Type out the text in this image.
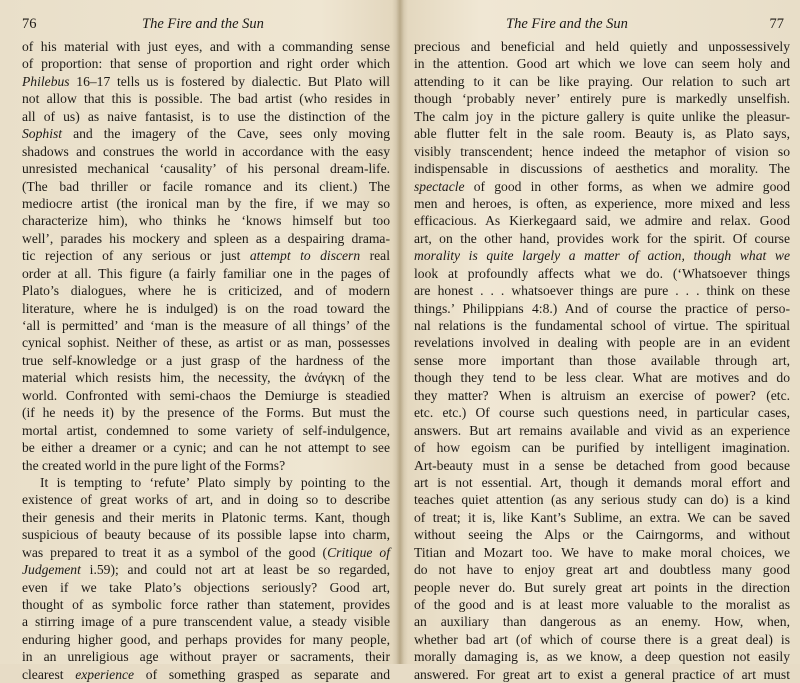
76	The Fire and the Sun
of his material with just eyes, and with a commanding sense
of proportion: that sense of proportion and right order which
Philebus 16–17 tells us is fostered by dialectic. But Plato will
not allow that this is possible. The bad artist (who resides in
all of us) as naive fantasist, is to use the distinction of the
Sophist and the imagery of the Cave, sees only moving
shadows and construes the world in accordance with the easy
unresisted mechanical ‘causality’ of his personal dream-life.
(The bad thriller or facile romance and its client.) The
mediocre artist (the ironical man by the fire, if we may so
characterize him), who thinks he ‘knows himself but too
well’, parades his mockery and spleen as a despairing drama-
tic rejection of any serious or just attempt to discern real
order at all. This figure (a fairly familiar one in the pages of
Plato’s dialogues, where he is criticized, and of modern
literature, where he is indulged) is on the road toward the
‘all is permitted’ and ‘man is the measure of all things’ of the
cynical sophist. Neither of these, as artist or as man, possesses
true self-knowledge or a just grasp of the hardness of the
material which resists him, the necessity, the ἀνάγκη of the
world. Confronted with semi-chaos the Demiurge is steadied
(if he needs it) by the presence of the Forms. But must the
mortal artist, condemned to some variety of self-indulgence,
be either a dreamer or a cynic; and can he not attempt to see
the created world in the pure light of the Forms?
It is tempting to ‘refute’ Plato simply by pointing to the
existence of great works of art, and in doing so to describe
their genesis and their merits in Platonic terms. Kant, though
suspicious of beauty because of its possible lapse into charm,
was prepared to treat it as a symbol of the good (Critique of
Judgement i.59); and could not art at least be so regarded,
even if we take Plato’s objections seriously? Good art,
thought of as symbolic force rather than statement, provides
a stirring image of a pure transcendent value, a steady visible
enduring higher good, and perhaps provides for many people,
in an unreligious age without prayer or sacraments, their
clearest experience of something grasped as separate and
The Fire and the Sun	77
precious and beneficial and held quietly and unpossessively
in the attention. Good art which we love can seem holy and
attending to it can be like praying. Our relation to such art
though ‘probably never’ entirely pure is markedly unselfish.
The calm joy in the picture gallery is quite unlike the pleasur-
able flutter felt in the sale room. Beauty is, as Plato says,
visibly transcendent; hence indeed the metaphor of vision so
indispensable in discussions of aesthetics and morality. The
spectacle of good in other forms, as when we admire good
men and heroes, is often, as experience, more mixed and less
efficacious. As Kierkegaard said, we admire and relax. Good
art, on the other hand, provides work for the spirit. Of course
morality is quite largely a matter of action, though what we
look at profoundly affects what we do. (‘Whatsoever things
are honest . . . whatsoever things are pure . . . think on these
things.’ Philippians 4:8.) And of course the practice of perso-
nal relations is the fundamental school of virtue. The spiritual
revelations involved in dealing with people are in an evident
sense more important than those available through art,
though they tend to be less clear. What are motives and do
they matter? When is altruism an exercise of power? (etc.
etc. etc.) Of course such questions need, in particular cases,
answers. But art remains available and vivid as an experience
of how egoism can be purified by intelligent imagination.
Art-beauty must in a sense be detached from good because
art is not essential. Art, though it demands moral effort and
teaches quiet attention (as any serious study can do) is a kind
of treat; it is, like Kant’s Sublime, an extra. We can be saved
without seeing the Alps or the Cairngorms, and without
Titian and Mozart too. We have to make moral choices, we
do not have to enjoy great art and doubtless many good
people never do. But surely great art points in the direction
of the good and is at least more valuable to the moralist as
an auxiliary than dangerous as an enemy. How, when,
whether bad art (of which of course there is a great deal) is
morally damaging is, as we know, a deep question not easily
answered. For great art to exist a general practice of art must
